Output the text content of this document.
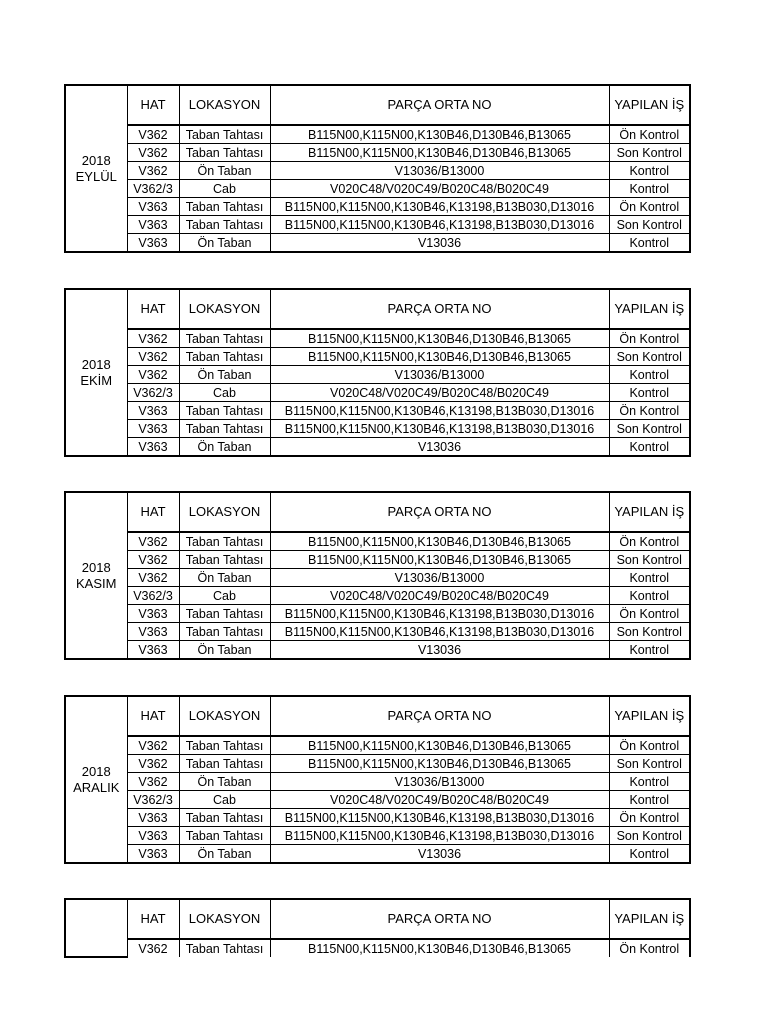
2018
EYLÜL	HAT	LOKASYON	PARÇA ORTA NO	YAPILAN İŞ
	V362	Taban Tahtası	B115N00,K115N00,K130B46,D130B46,B13065	Ön Kontrol
	V362	Taban Tahtası	B115N00,K115N00,K130B46,D130B46,B13065	Son Kontrol
	V362	Ön Taban	V13036/B13000	Kontrol
	V362/3	Cab	V020C48/V020C49/B020C48/B020C49	Kontrol
	V363	Taban Tahtası	B115N00,K115N00,K130B46,K13198,B13B030,D13016	Ön Kontrol
	V363	Taban Tahtası	B115N00,K115N00,K130B46,K13198,B13B030,D13016	Son Kontrol
	V363	Ön Taban	V13036	Kontrol
2018
EKİM	HAT	LOKASYON	PARÇA ORTA NO	YAPILAN İŞ
	V362	Taban Tahtası	B115N00,K115N00,K130B46,D130B46,B13065	Ön Kontrol
	V362	Taban Tahtası	B115N00,K115N00,K130B46,D130B46,B13065	Son Kontrol
	V362	Ön Taban	V13036/B13000	Kontrol
	V362/3	Cab	V020C48/V020C49/B020C48/B020C49	Kontrol
	V363	Taban Tahtası	B115N00,K115N00,K130B46,K13198,B13B030,D13016	Ön Kontrol
	V363	Taban Tahtası	B115N00,K115N00,K130B46,K13198,B13B030,D13016	Son Kontrol
	V363	Ön Taban	V13036	Kontrol
2018
KASIM	HAT	LOKASYON	PARÇA ORTA NO	YAPILAN İŞ
	V362	Taban Tahtası	B115N00,K115N00,K130B46,D130B46,B13065	Ön Kontrol
	V362	Taban Tahtası	B115N00,K115N00,K130B46,D130B46,B13065	Son Kontrol
	V362	Ön Taban	V13036/B13000	Kontrol
	V362/3	Cab	V020C48/V020C49/B020C48/B020C49	Kontrol
	V363	Taban Tahtası	B115N00,K115N00,K130B46,K13198,B13B030,D13016	Ön Kontrol
	V363	Taban Tahtası	B115N00,K115N00,K130B46,K13198,B13B030,D13016	Son Kontrol
	V363	Ön Taban	V13036	Kontrol
2018
ARALIK	HAT	LOKASYON	PARÇA ORTA NO	YAPILAN İŞ
	V362	Taban Tahtası	B115N00,K115N00,K130B46,D130B46,B13065	Ön Kontrol
	V362	Taban Tahtası	B115N00,K115N00,K130B46,D130B46,B13065	Son Kontrol
	V362	Ön Taban	V13036/B13000	Kontrol
	V362/3	Cab	V020C48/V020C49/B020C48/B020C49	Kontrol
	V363	Taban Tahtası	B115N00,K115N00,K130B46,K13198,B13B030,D13016	Ön Kontrol
	V363	Taban Tahtası	B115N00,K115N00,K130B46,K13198,B13B030,D13016	Son Kontrol
	V363	Ön Taban	V13036	Kontrol
	HAT	LOKASYON	PARÇA ORTA NO	YAPILAN İŞ
	V362	Taban Tahtası	B115N00,K115N00,K130B46,D130B46,B13065	Ön Kontrol
